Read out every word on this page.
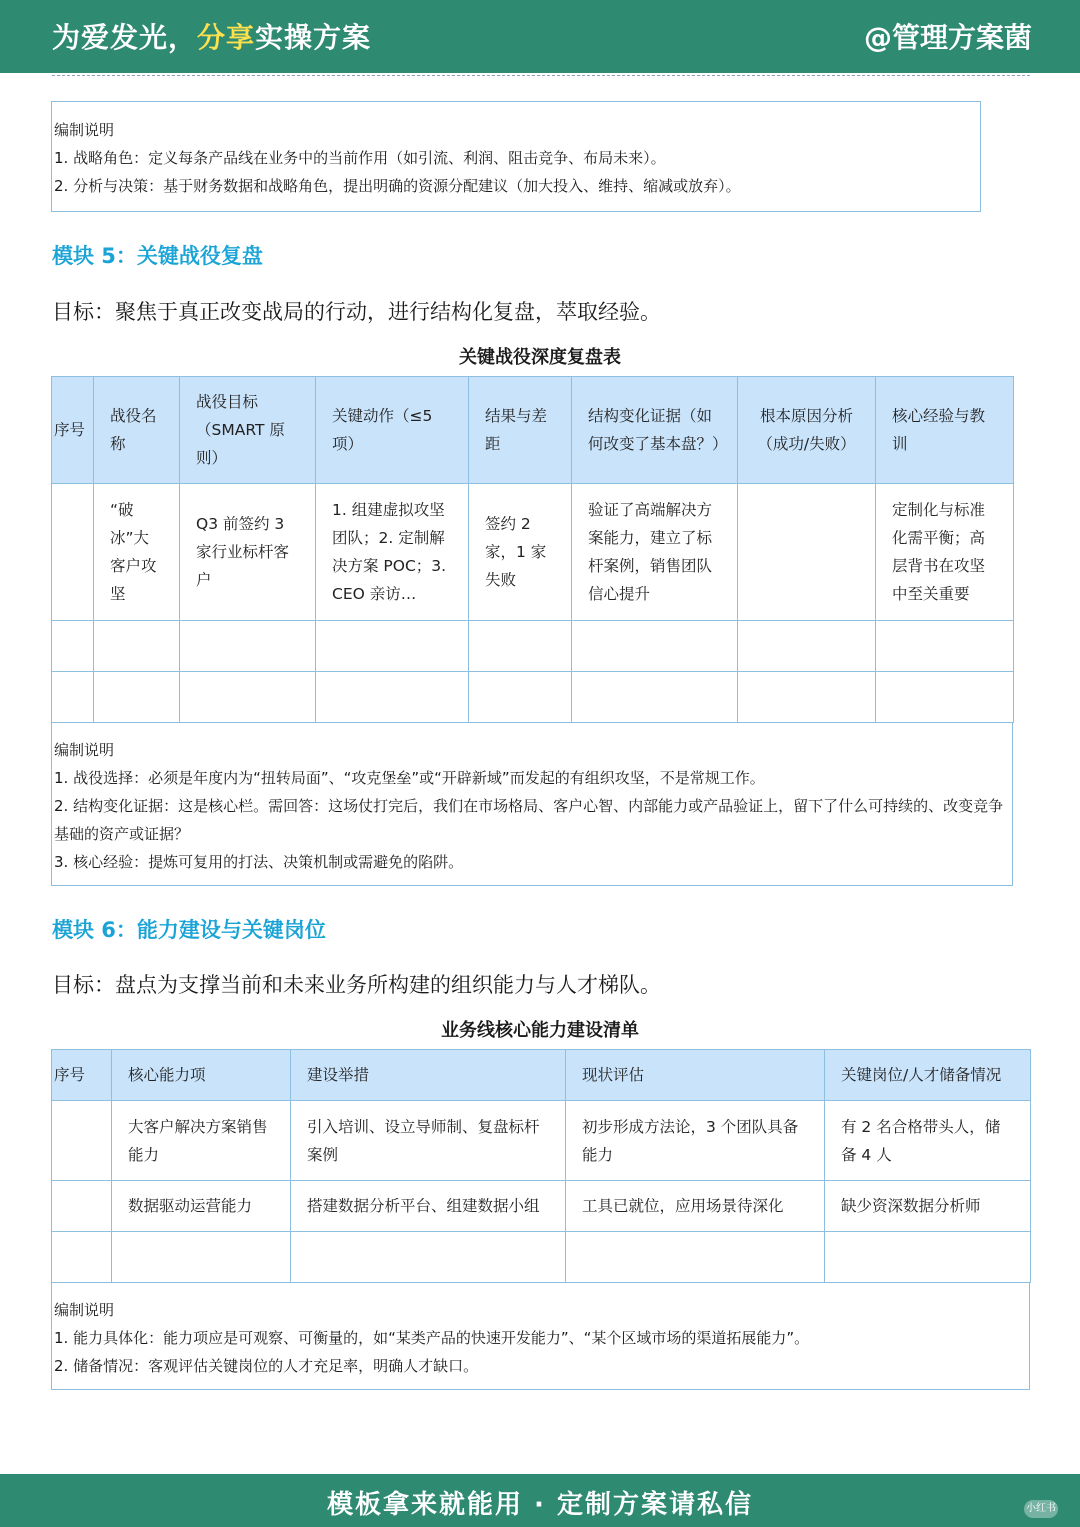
为爱发光，分享实操方案	@管理方案菌
编制说明
1. 战略角色：定义每条产品线在业务中的当前作用（如引流、利润、阻击竞争、布局未来）。
2. 分析与决策：基于财务数据和战略角色，提出明确的资源分配建议（加大投入、维持、缩减或放弃）。
模块 5：关键战役复盘
目标：聚焦于真正改变战局的行动，进行结构化复盘，萃取经验。
关键战役深度复盘表
序号	战役名称	战役目标（SMART 原则）	关键动作（≤5 项）	结果与差距	结构变化证据（如何改变了基本盘？）	根本原因分析（成功/失败）	核心经验与教训
	“破冰”大客户攻坚	Q3 前签约 3 家行业标杆客户	1. 组建虚拟攻坚团队；2. 定制解决方案 POC；3. CEO 亲访…	签约 2 家，1 家失败	验证了高端解决方案能力，建立了标杆案例，销售团队信心提升		定制化与标准化需平衡；高层背书在攻坚中至关重要

编制说明
1. 战役选择：必须是年度内为“扭转局面”、“攻克堡垒”或“开辟新域”而发起的有组织攻坚，不是常规工作。
2. 结构变化证据：这是核心栏。需回答：这场仗打完后，我们在市场格局、客户心智、内部能力或产品验证上，留下了什么可持续的、改变竞争基础的资产或证据？
3. 核心经验：提炼可复用的打法、决策机制或需避免的陷阱。
模块 6：能力建设与关键岗位
目标：盘点为支撑当前和未来业务所构建的组织能力与人才梯队。
业务线核心能力建设清单
序号	核心能力项	建设举措	现状评估	关键岗位/人才储备情况
	大客户解决方案销售能力	引入培训、设立导师制、复盘标杆案例	初步形成方法论，3 个团队具备能力	有 2 名合格带头人，储备 4 人
	数据驱动运营能力	搭建数据分析平台、组建数据小组	工具已就位，应用场景待深化	缺少资深数据分析师

编制说明
1. 能力具体化：能力项应是可观察、可衡量的，如“某类产品的快速开发能力”、“某个区域市场的渠道拓展能力”。
2. 储备情况：客观评估关键岗位的人才充足率，明确人才缺口。
模板拿来就能用 · 定制方案请私信	小红书
